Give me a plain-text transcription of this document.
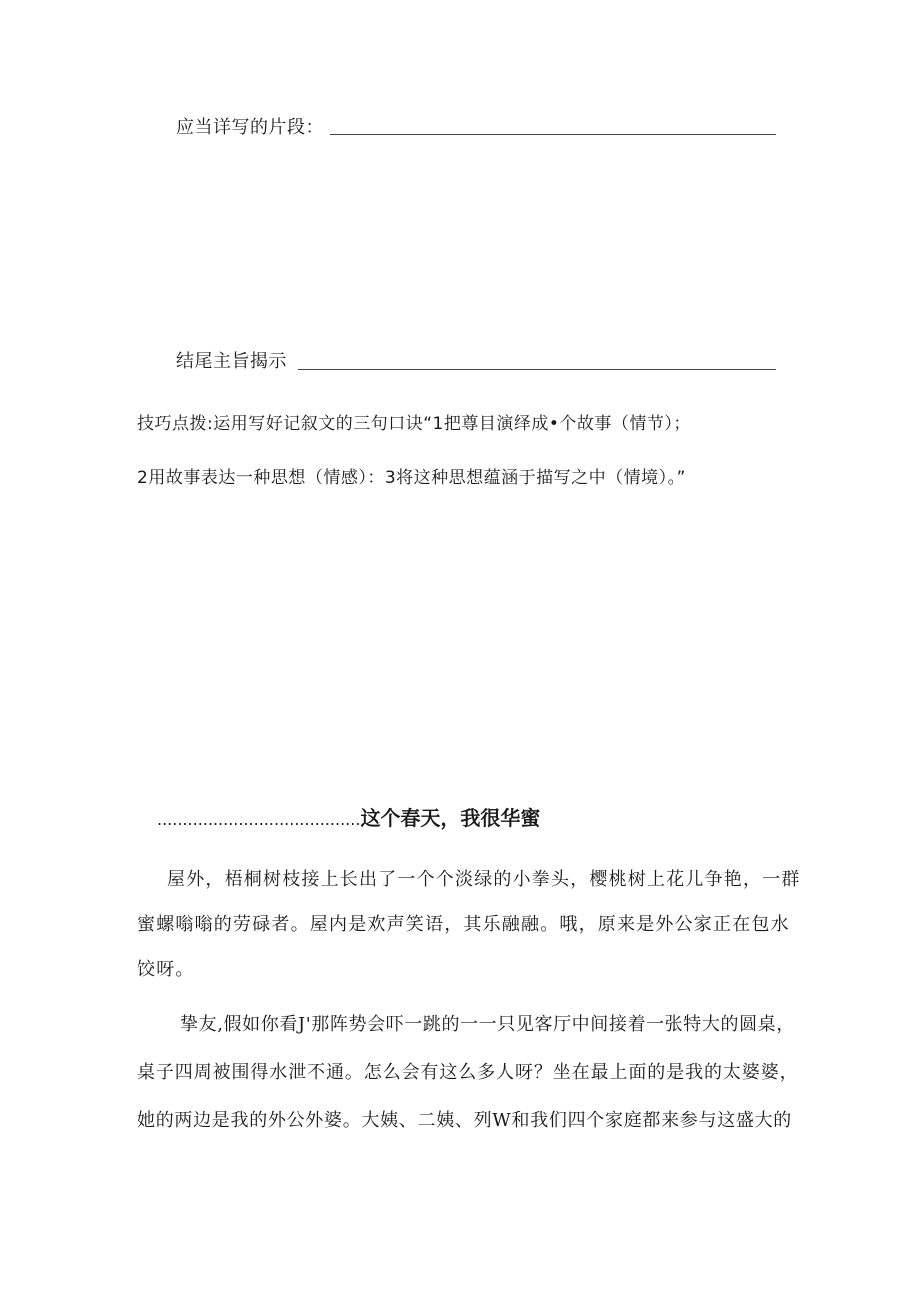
应当详写的片段：
结尾主旨揭示
技巧点拨:运用写好记叙文的三句口诀“1把尊目演绎成•个故事（情节）；
2用故事表达一种思想（情感）：3将这种思想蕴涵于描写之中（情境）。”
........................................这个春天，我很华蜜
屋外，梧桐树枝接上长出了一个个淡绿的小拳头，樱桃树上花儿争艳，一群
蜜螺嗡嗡的劳碌者。屋内是欢声笑语，其乐融融。哦，原来是外公家正在包水
饺呀。
挚友,假如你看J'那阵势会吓一跳的一一只见客厅中间接着一张特大的圆桌，
桌子四周被围得水泄不通。怎么会有这么多人呀？坐在最上面的是我的太婆婆，
她的两边是我的外公外婆。大姨、二姨、列W和我们四个家庭都来参与这盛大的
